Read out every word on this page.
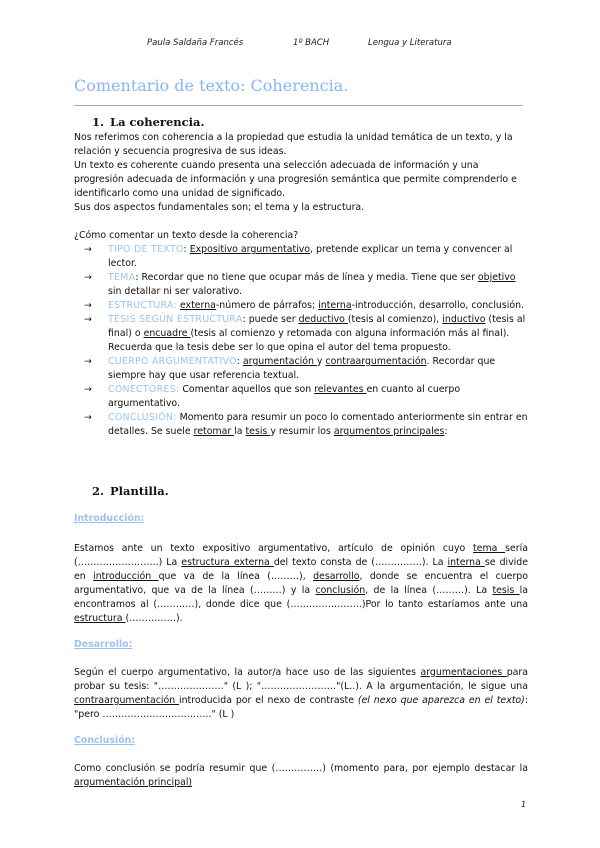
Paula Saldaña Francés	1º BACH	Lengua y Literatura
Comentario de texto: Coherencia.
1. La coherencia.

Nos referimos con coherencia a la propiedad que estudia la unidad temática de un texto, y la relación y secuencia progresiva de sus ideas.

Un texto es coherente cuando presenta una selección adecuada de información y una progresión adecuada de información y una progresión semántica que permite comprenderlo e identificarlo como una unidad de significado.

Sus dos aspectos fundamentales son; el tema y la estructura.

¿Cómo comentar un texto desde la coherencia?

→ TIPO DE TEXTO: Expositivo argumentativo, pretende explicar un tema y convencer al lector.
→ TEMA: Recordar que no tiene que ocupar más de línea y media. Tiene que ser objetivo sin detallar ni ser valorativo.
→ ESTRUCTURA: externa-número de párrafos; interna-introducción, desarrollo, conclusión.
→ TESIS SEGÚN ESTRUCTURA: puede ser deductivo (tesis al comienzo), inductivo (tesis al final) o encuadre (tesis al comienzo y retomada con alguna información más al final). Recuerda que la tesis debe ser lo que opina el autor del tema propuesto.
→ CUERPO ARGUMENTATIVO: argumentación y contraargumentación. Recordar que siempre hay que usar referencia textual.
→ CONECTORES: Comentar aquellos que son relevantes en cuanto al cuerpo argumentativo.
→ CONCLUSIÓN: Momento para resumir un poco lo comentado anteriormente sin entrar en detalles. Se suele retomar la tesis y resumir los argumentos principales:
2. Plantilla.

Introducción:

Estamos ante un texto expositivo argumentativo, artículo de opinión cuyo tema sería (……………………..) La estructura externa del texto consta de (……………). La interna se divide en introducción que va de la línea (………), desarrollo, donde se encuentra el cuerpo argumentativo, que va de la línea (………) y la conclusión, de la línea (………). La tesis la encontramos al (…………), donde dice que (…………………..)Por lo tanto estaríamos ante una estructura (……………).

Desarrollo:

Según el cuerpo argumentativo, la autor/a hace uso de las siguientes argumentaciones para probar su tesis: "…………………" (L ); "……………………"(L..). A la argumentación, le sigue una contraargumentación introducida por el nexo de contraste (el nexo que aparezca en el texto): "pero …………………………….." (L )

Conclusión:

Como conclusión se podría resumir que (……………) (momento para, por ejemplo destacar la argumentación principal)

1
